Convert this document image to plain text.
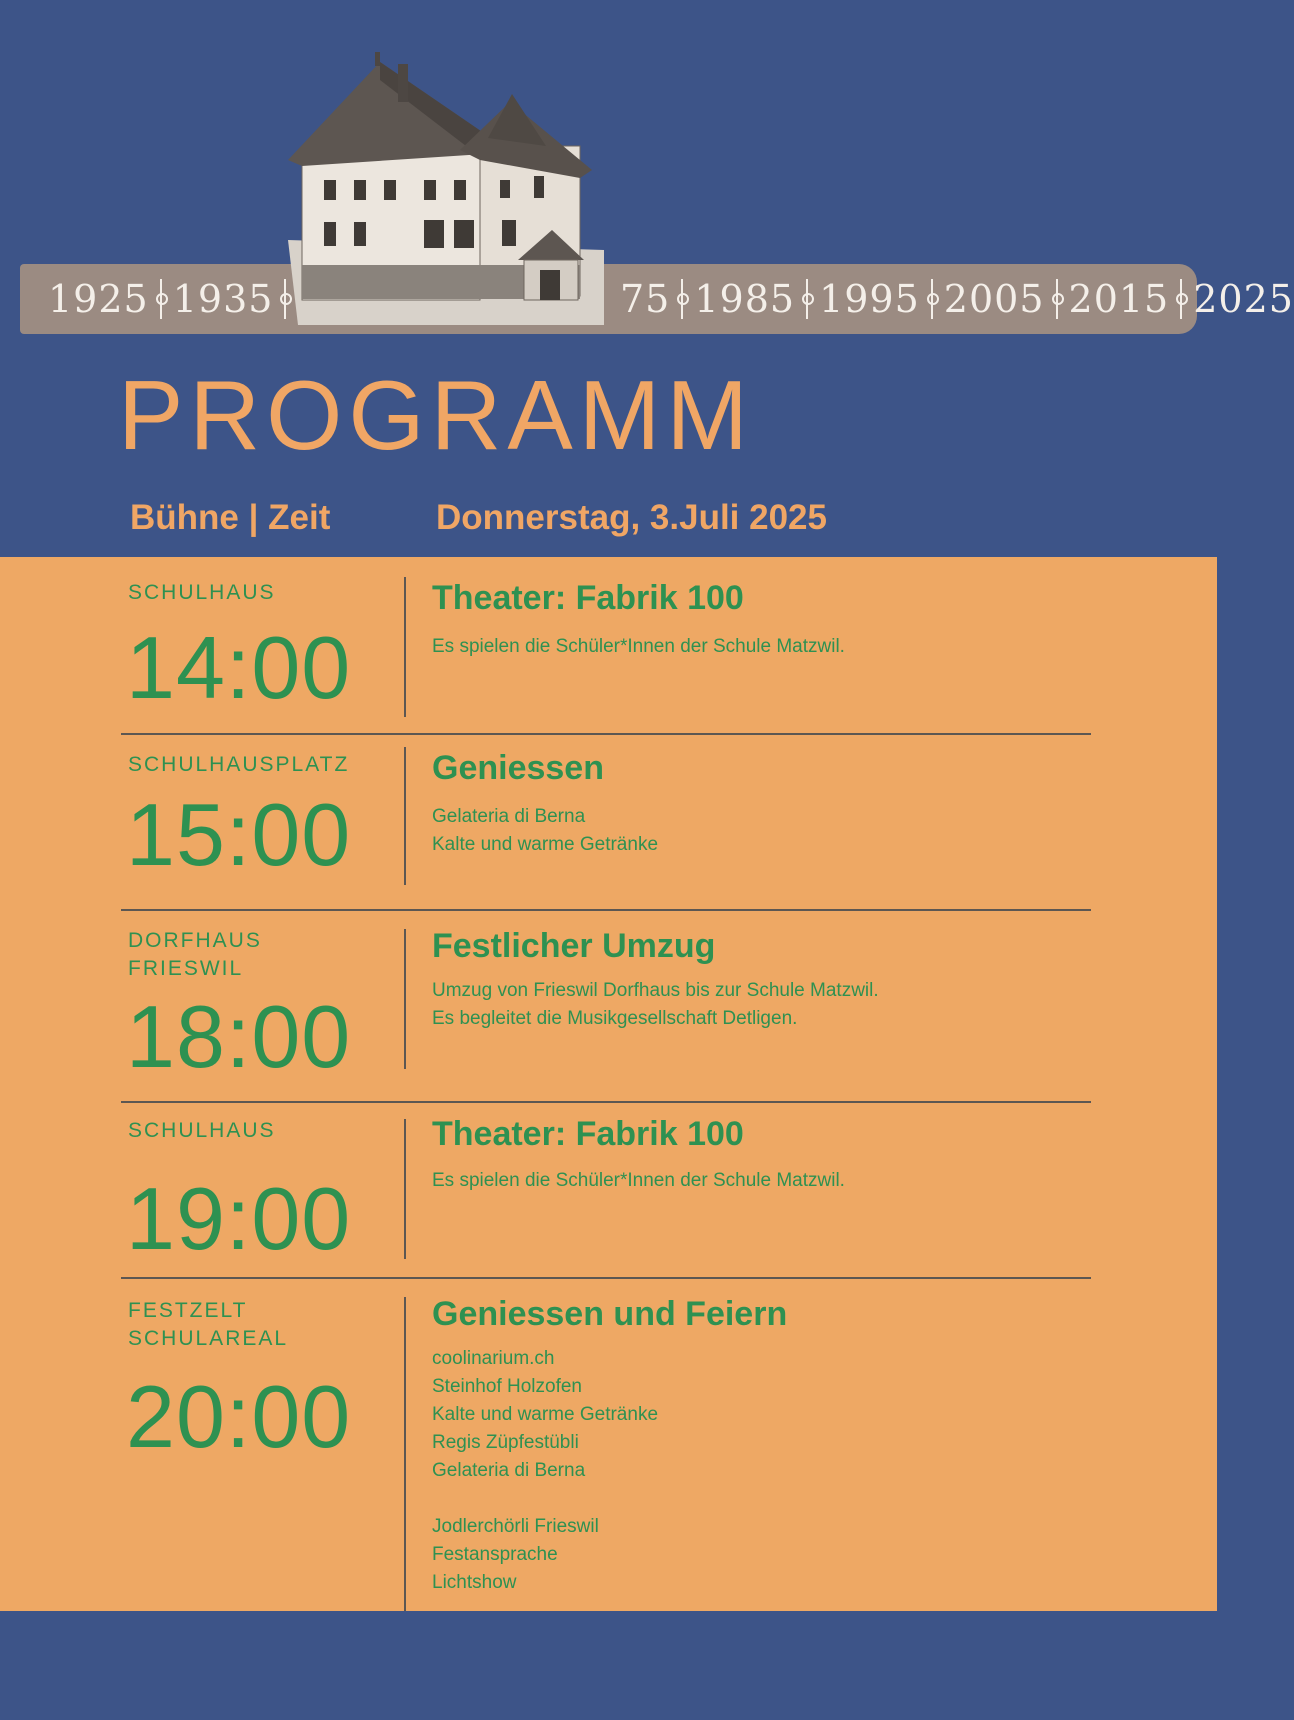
1925 1935	75 1985 1995 2005 2015 2025
PROGRAMM
Bühne | Zeit	Donnerstag, 3.Juli 2025
SCHULHAUS
14:00
Theater: Fabrik 100
Es spielen die Schüler*Innen der Schule Matzwil.
SCHULHAUSPLATZ
15:00
Geniessen
Gelateria di Berna
Kalte und warme Getränke
DORFHAUS
FRIESWIL
18:00
Festlicher Umzug
Umzug von Frieswil Dorfhaus bis zur Schule Matzwil.
Es begleitet die Musikgesellschaft Detligen.
SCHULHAUS
19:00
Theater: Fabrik 100
Es spielen die Schüler*Innen der Schule Matzwil.
FESTZELT
SCHULAREAL
20:00
Geniessen und Feiern
coolinarium.ch
Steinhof Holzofen
Kalte und warme Getränke
Regis Züpfestübli
Gelateria di Berna
Jodlerchörli Frieswil
Festansprache
Lichtshow
